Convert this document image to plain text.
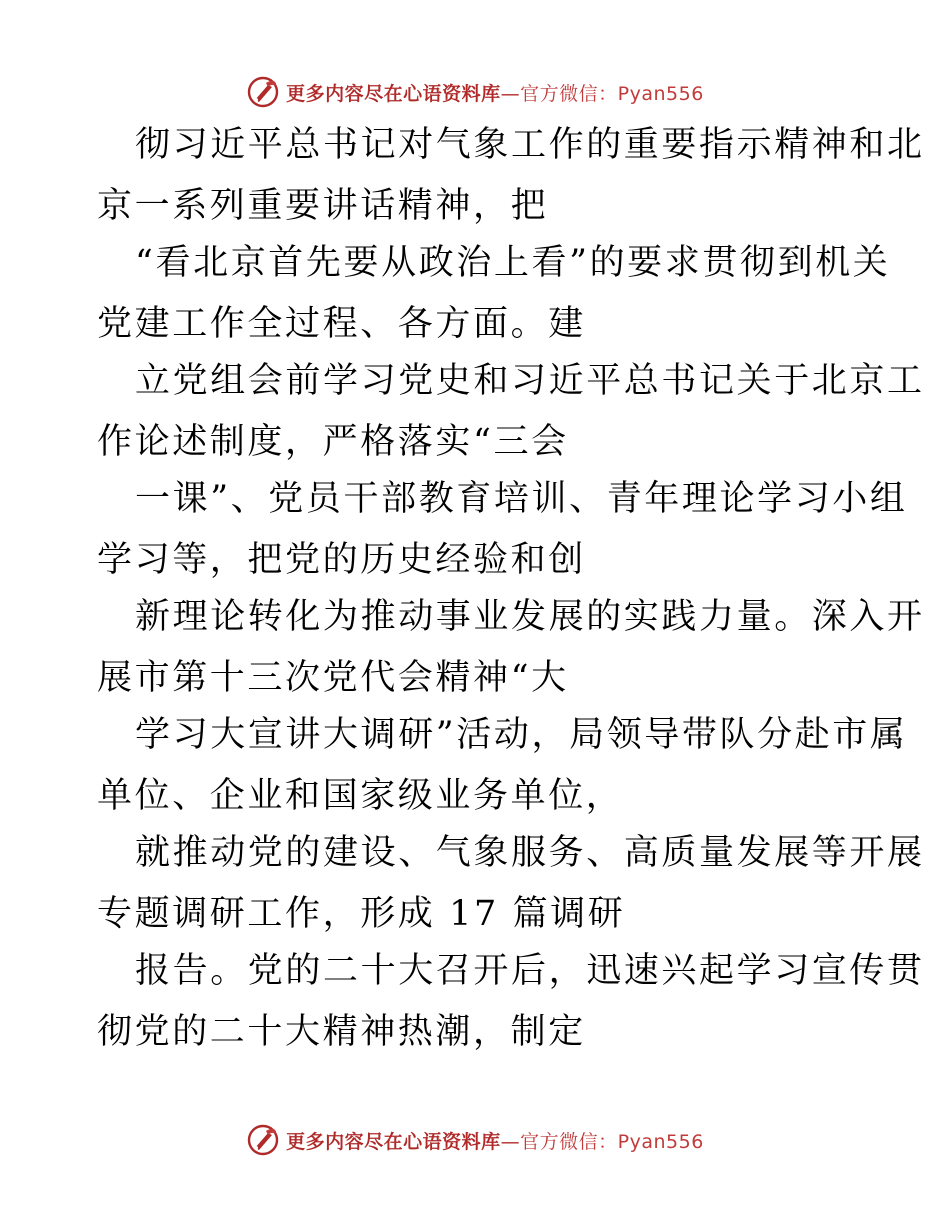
更多内容尽在心语资料库—官方微信：Pyan556
彻习近平总书记对气象工作的重要指示精神和北
京一系列重要讲话精神，把
“看北京首先要从政治上看”的要求贯彻到机关
党建工作全过程、各方面。建
立党组会前学习党史和习近平总书记关于北京工
作论述制度，严格落实“三会
一课”、党员干部教育培训、青年理论学习小组
学习等，把党的历史经验和创
新理论转化为推动事业发展的实践力量。深入开
展市第十三次党代会精神“大
学习大宣讲大调研”活动，局领导带队分赴市属
单位、企业和国家级业务单位，
就推动党的建设、气象服务、高质量发展等开展
专题调研工作，形成 17 篇调研
报告。党的二十大召开后，迅速兴起学习宣传贯
彻党的二十大精神热潮，制定
更多内容尽在心语资料库—官方微信：Pyan556
